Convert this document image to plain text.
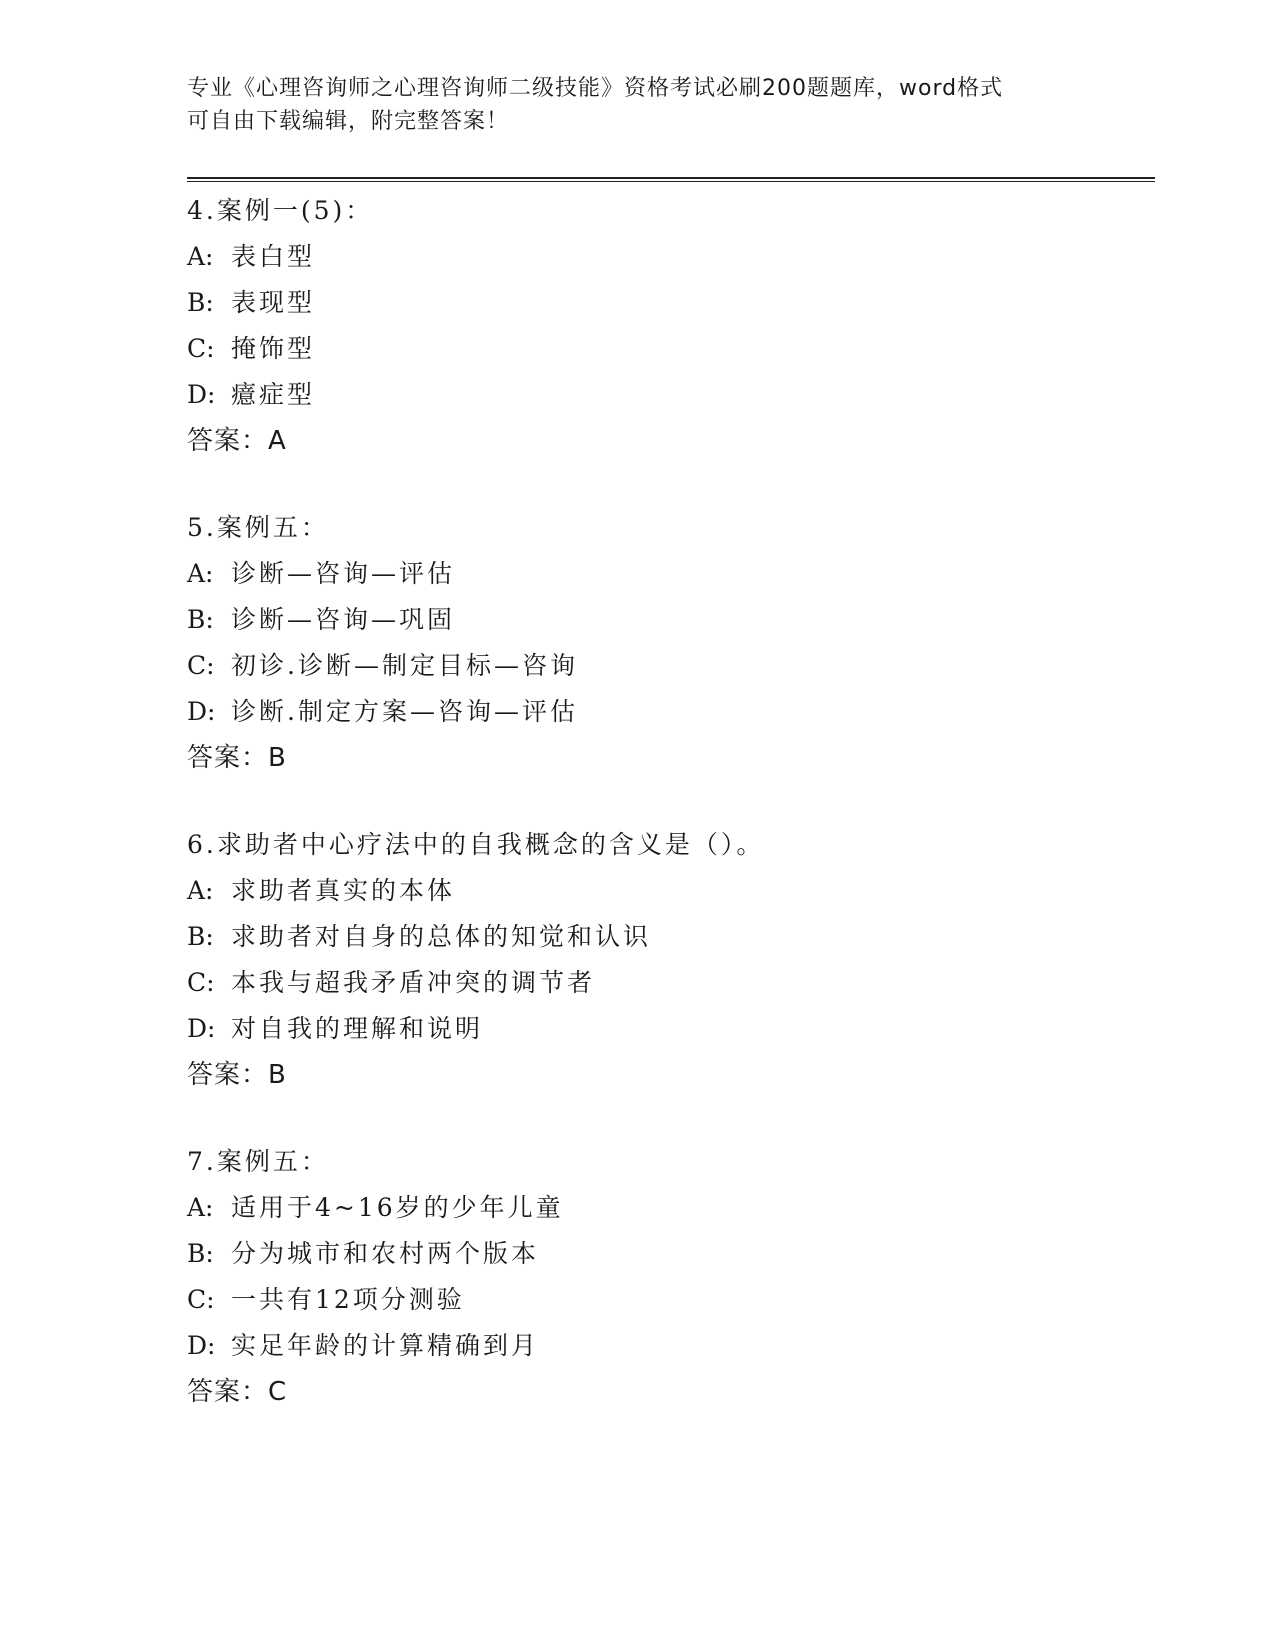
专业《心理咨询师之心理咨询师二级技能》资格考试必刷200题题库，word格式
可自由下载编辑，附完整答案！
4.案例一(5)：
A: 表白型
B: 表现型
C: 掩饰型
D: 癔症型
答案：A
5.案例五：
A: 诊断—咨询—评估
B: 诊断—咨询—巩固
C: 初诊.诊断—制定目标—咨询
D: 诊断.制定方案—咨询—评估
答案：B
6.求助者中心疗法中的自我概念的含义是（）。
A: 求助者真实的本体
B: 求助者对自身的总体的知觉和认识
C: 本我与超我矛盾冲突的调节者
D: 对自我的理解和说明
答案：B
7.案例五：
A: 适用于4~16岁的少年儿童
B: 分为城市和农村两个版本
C: 一共有12项分测验
D: 实足年龄的计算精确到月
答案：C
